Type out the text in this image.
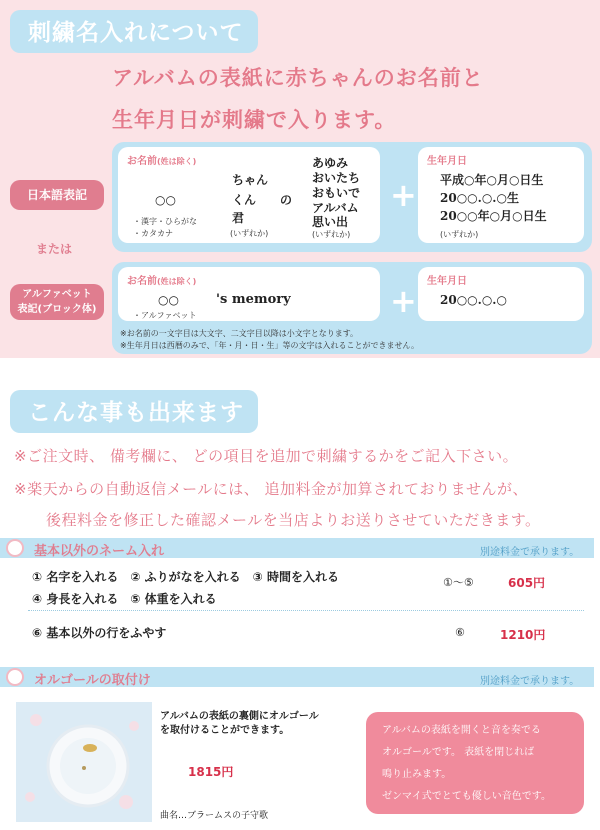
刺繍名入れについて
アルバムの表紙に赤ちゃんのお名前と
生年月日が刺繍で入ります。
日本語表記
お名前(姓は除く)
○○
・漢字・ひらがな
・カタカナ
ちゃん
くん
君
の
(いずれか)
あゆみ
おいたち
おもいで
アルバム
思い出
(いずれか)
+
生年月日
平成○年○月○日生
20○○.○.○生
20○○年○月○日生
(いずれか)
または
アルファベット
表記(ブロック体)
お名前(姓は除く)
○○	's memory
・アルファベット	+
生年月日
20○○.○.○
※お名前の一文字目は大文字、二文字目以降は小文字となります。
※生年月日は西暦のみで、「年・月・日・生」等の文字は入れることができません。
こんな事も出来ます
※ご注文時、 備考欄に、 どの項目を追加で刺繍するかをご記入下さい。
※楽天からの自動返信メールには、 追加料金が加算されておりませんが、
後程料金を修正した確認メールを当店よりお送りさせていただきます。
基本以外のネーム入れ	別途料金で承ります。
① 名字を入れる　② ふりがなを入れる　③ 時間を入れる
④ 身長を入れる　⑤ 体重を入れる
①〜⑤	605円
⑥ 基本以外の行をふやす	⑥	1210円
オルゴールの取付け	別途料金で承ります。
アルバムの表紙の裏側にオルゴール
を取付けることができます。
1815円
曲名…ブラームスの子守歌
アルバムの表紙を開くと音を奏でる
オルゴールです。 表紙を閉じれば
鳴り止みます。
ゼンマイ式でとても優しい音色です。
